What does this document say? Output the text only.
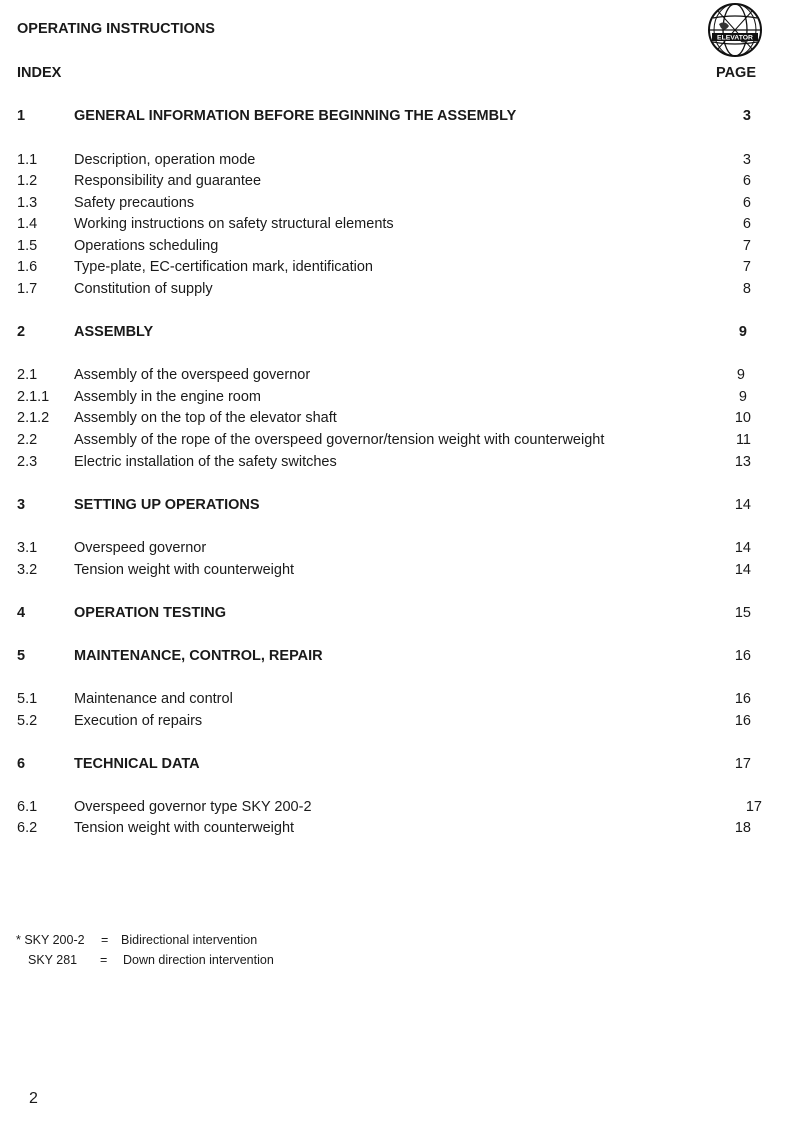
OPERATING INSTRUCTIONS
ELEVATOR
INDEX	PAGE
1	GENERAL INFORMATION BEFORE BEGINNING THE ASSEMBLY	3
1.1	Description, operation mode	3
1.2	Responsibility and guarantee	6
1.3	Safety precautions	6
1.4	Working instructions on safety structural elements	6
1.5	Operations scheduling	7
1.6	Type-plate, EC-certification mark, identification	7
1.7	Constitution of supply	8
2	ASSEMBLY	9
2.1	Assembly of the overspeed governor	9
2.1.1 Assembly in the engine room	9
2.1.2 Assembly on the top of the elevator shaft	10
2.2	Assembly of the rope of the overspeed governor/tension weight with counterweight	11
2.3	Electric installation of the safety switches	13
3	SETTING UP OPERATIONS	14
3.1	Overspeed governor	14
3.2	Tension weight with counterweight	14
4	OPERATION TESTING	15
5	MAINTENANCE, CONTROL, REPAIR	16
5.1	Maintenance and control	16
5.2	Execution of repairs	16
6	TECHNICAL DATA	17
6.1	Overspeed governor type SKY 200-2	17
6.2	Tension weight with counterweight	18
* SKY 200-2 = Bidirectional intervention
SKY 281 = Down direction intervention
2
